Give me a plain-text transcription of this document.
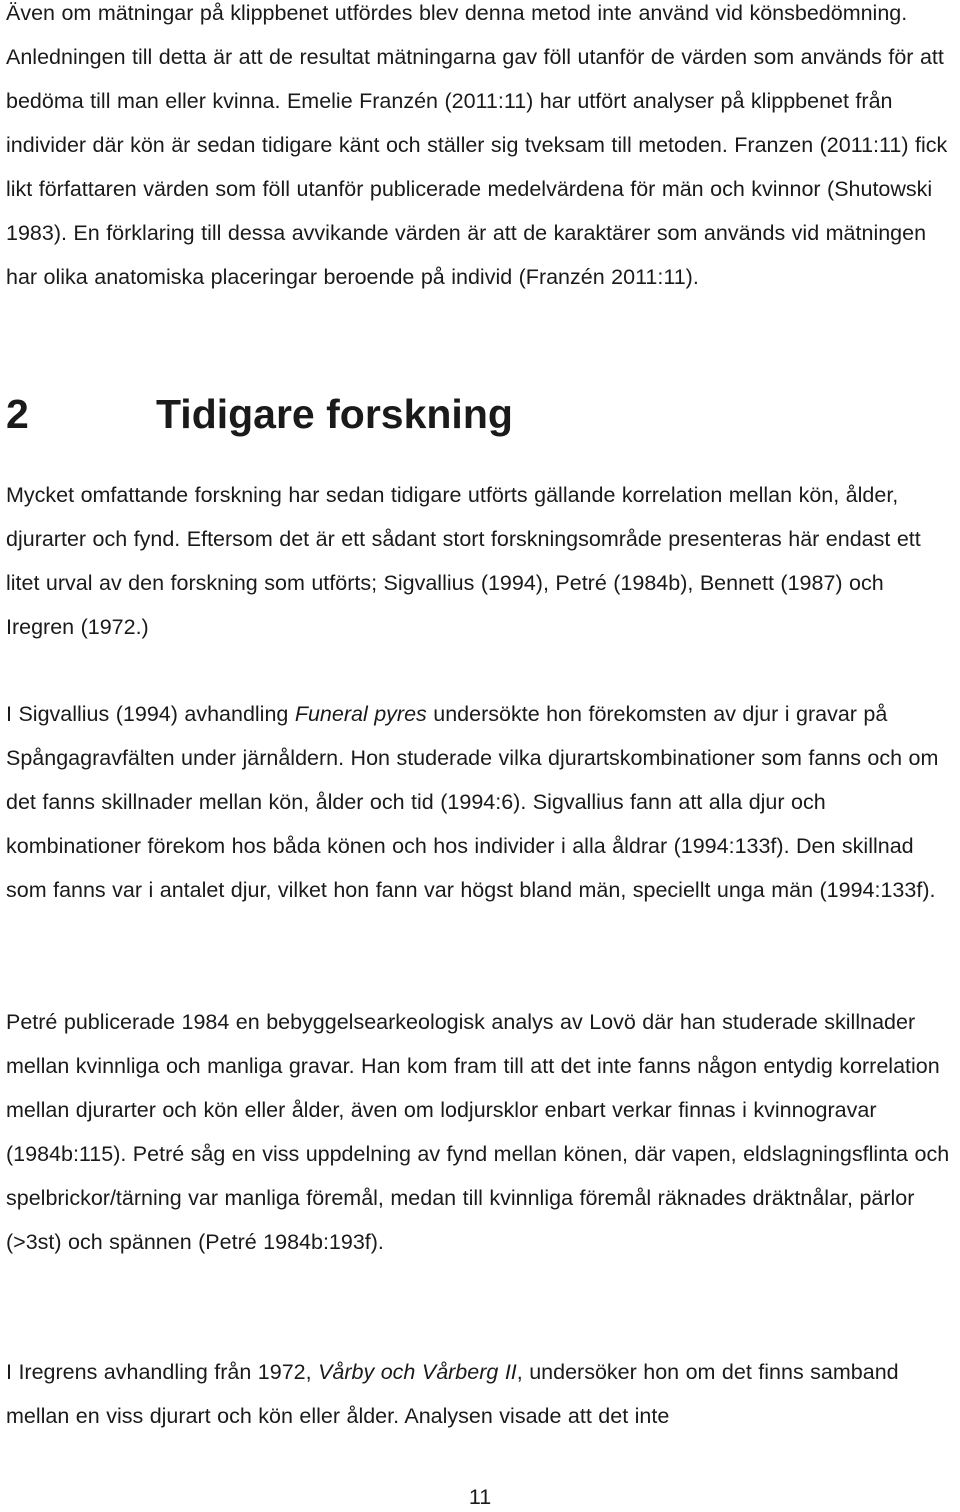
Även om mätningar på klippbenet utfördes blev denna metod inte använd vid könsbedömning. Anledningen till detta är att de resultat mätningarna gav föll utanför de värden som används för att bedöma till man eller kvinna. Emelie Franzén (2011:11) har utfört analyser på klippbenet från individer där kön är sedan tidigare känt och ställer sig tveksam till metoden. Franzen (2011:11) fick likt författaren värden som föll utanför publicerade medelvärdena för män och kvinnor (Shutowski 1983). En förklaring till dessa avvikande värden är att de karaktärer som används vid mätningen har olika anatomiska placeringar beroende på individ (Franzén 2011:11).

2	Tidigare forskning

Mycket omfattande forskning har sedan tidigare utförts gällande korrelation mellan kön, ålder, djurarter och fynd. Eftersom det är ett sådant stort forskningsområde presenteras här endast ett litet urval av den forskning som utförts; Sigvallius (1994), Petré (1984b), Bennett (1987) och Iregren (1972.)

I Sigvallius (1994) avhandling Funeral pyres undersökte hon förekomsten av djur i gravar på Spångagravfälten under järnåldern. Hon studerade vilka djurartskombinationer som fanns och om det fanns skillnader mellan kön, ålder och tid (1994:6). Sigvallius fann att alla djur och kombinationer förekom hos båda könen och hos individer i alla åldrar (1994:133f). Den skillnad som fanns var i antalet djur, vilket hon fann var högst bland män, speciellt unga män (1994:133f).

Petré publicerade 1984 en bebyggelsearkeologisk analys av Lovö där han studerade skillnader mellan kvinnliga och manliga gravar. Han kom fram till att det inte fanns någon entydig korrelation mellan djurarter och kön eller ålder, även om lodjursklor enbart verkar finnas i kvinnogravar (1984b:115). Petré såg en viss uppdelning av fynd mellan könen, där vapen, eldslagningsflinta och spelbrickor/tärning var manliga föremål, medan till kvinnliga föremål räknades dräktnålar, pärlor (>3st) och spännen (Petré 1984b:193f).

I Iregrens avhandling från 1972, Vårby och Vårberg II, undersöker hon om det finns samband mellan en viss djurart och kön eller ålder. Analysen visade att det inte

11
